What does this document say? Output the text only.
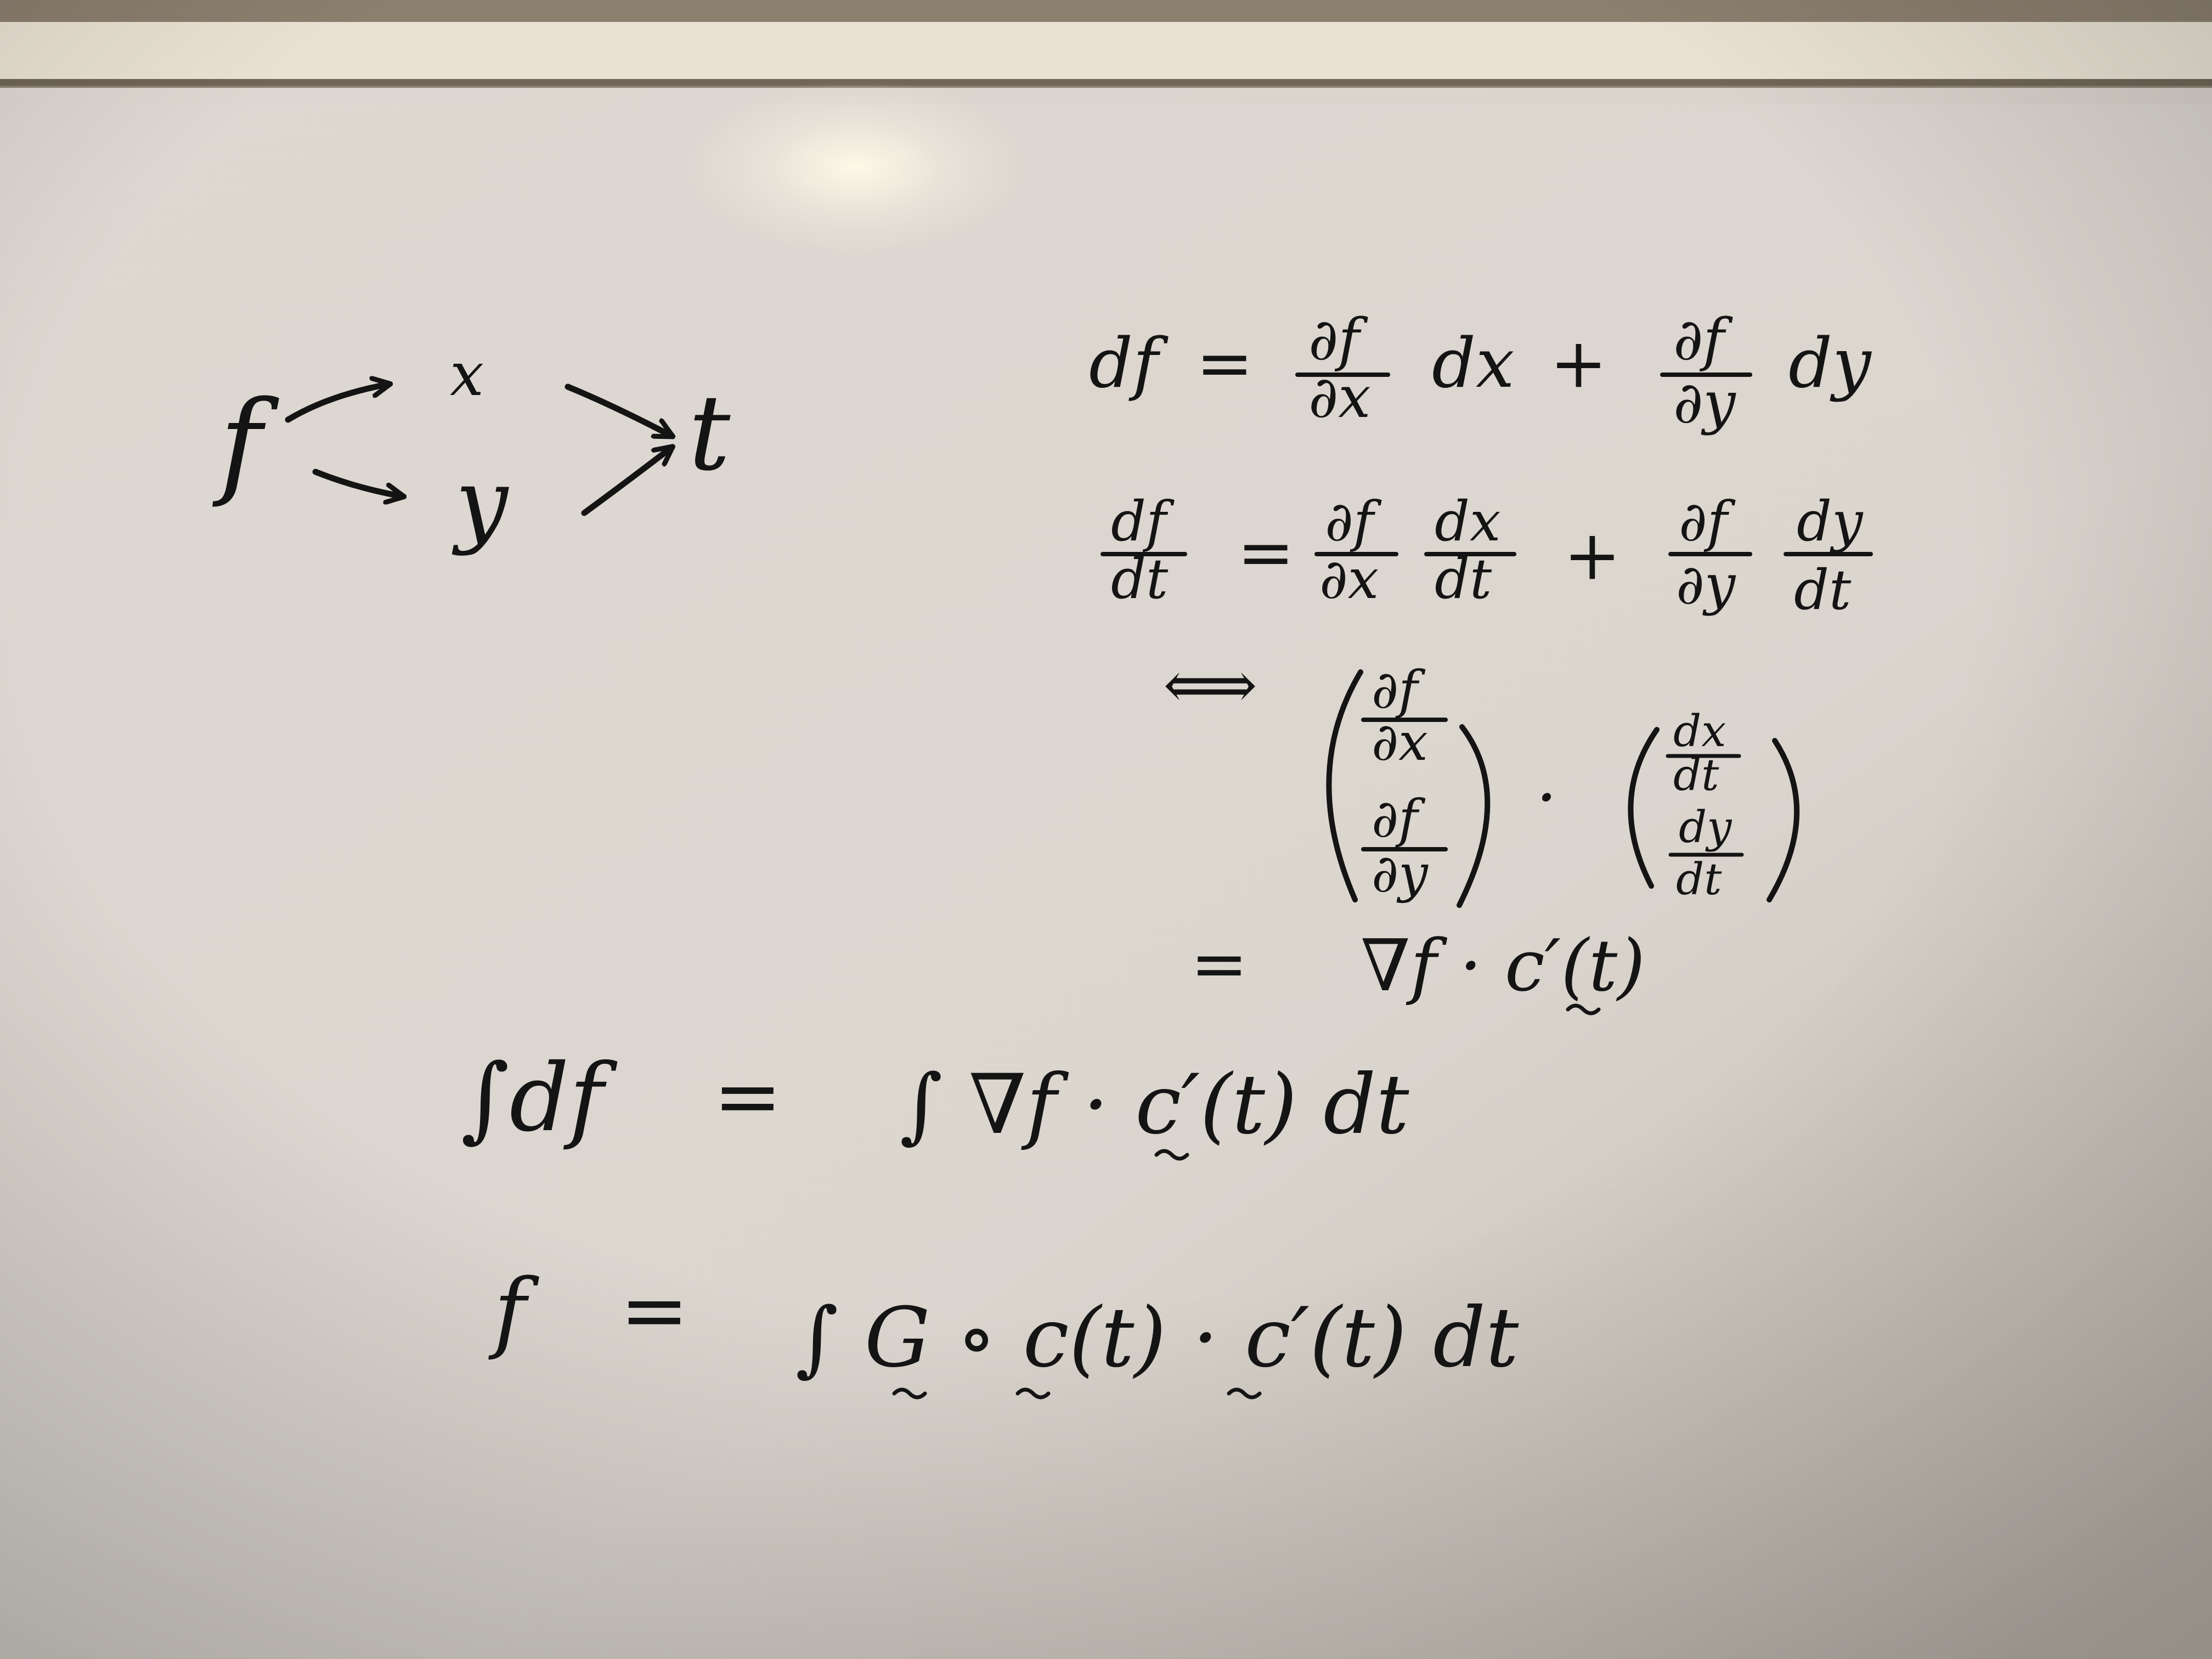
f
x
y
t
df = ∂f
∂x dx + ∂f
∂y dy
df
dt = ∂f
∂x
dx
dt + ∂f
∂y
dy
dt
⟺ ∂f
∂x
∂f
∂y
·
dx
dt
dy
dt
= ∇f · c′(t)
∫df = ∫ ∇f · c′(t) dt
f = ∫ G ∘ c(t) · c′(t) dt
